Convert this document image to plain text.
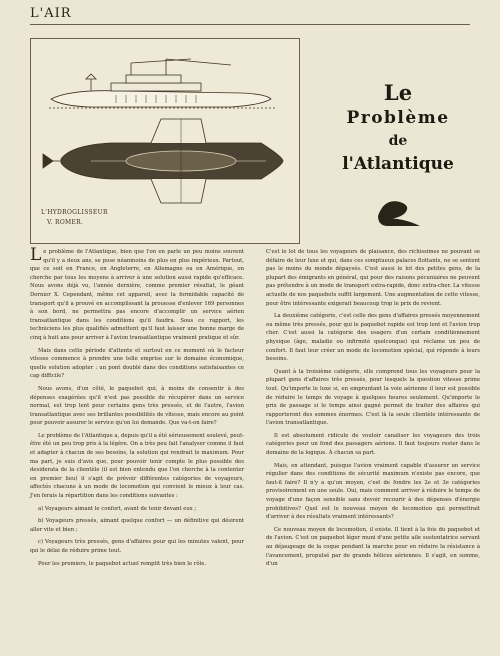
L'AIR
L'HYDROGLISSEUR
V. ROMER.
Le
Problème
de
l'Atlantique

Le problème de l'Atlantique, bien que l'on en parle un peu moins souvent qu'il y a deux ans, se pose néanmoins de plus en plus impérieux. Partout, que ce soit en France, en Angleterre, en Allemagne ou en Amérique, on cherche par tous les moyens à arriver à une solution aussi rapide qu'efficace. Nous avons déjà vu, l'année dernière, comme premier résultat, le géant Dornier X. Cependant, même cet appareil, avec la formidable capacité de transport qu'il a prouvé en accomplissant la prouesse d'enlever 169 personnes à son bord, ne permettra pas encore d'accomplir un service aérien transatlantique dans les conditions qu'il faudra. Sous ce rapport, les techniciens les plus qualifiés admettent qu'il faut laisser une bonne marge de cinq à huit ans pour arriver à l'avion transatlantique vraiment pratique et sûr.

Mais dans cette période d'attente et surtout en ce moment où le facteur vitesse commence à prendre une telle emprise sur le domaine économique, quelle solution adopter : un pont doublé dans des conditions satisfaisantes ce cap difficile?

Nous avons, d'un côté, le paquebot qui, à moins de consentir à des dépenses exagérées qu'il n'est pas possible de récupérer dans un service normal, est trop lent pour certains gens très pressés, et de l'autre, l'avion transatlantique avec ses brillantes possibilités de vitesse, mais encore au point pour pouvoir assurer le service qu'on lui demande. Que va-t-on faire?

Le problème de l'Atlantique a, depuis qu'il a été sérieusement soulevé, peut-être été un peu trop pris à la légère. On a très peu fait l'analyser comme il faut et adapter à chacun de ses besoins, la solution qui rendrait le maximum. Pour ma part, je suis d'avis que, pour pouvoir tenir compte le plus possible des desiderata de la clientèle (il est bien entendu que l'on cherche à la contenter en premier lieu) il s'agit de prévoir différentes catégories de voyageurs, affectés chacune à un mode de locomotion qui convient le mieux à leur cas. J'en ferais la répartition dans les conditions suivantes :

a) Voyageurs aimant le confort, avant de tenir devant eux ;

b) Voyageurs pressés, aimant quelque confort — un définitive qui désirent aller vite et bien ;

c) Voyageurs très pressés, gens d'affaires pour qui les minutes valent, pour qui le délai de réduire prime tout.

Pour les premiers, le paquebot actuel remplit très bien le rôle.

C'est le lot de tous les voyageurs de plaisance, des richissimes ne pouvant se défaire de leur luxe et qui, dans ces somptueux palaces flottants, ne se sentent pas le moins du monde dépaysés. C'est aussi le lot des petites gens, de la plupart des émigrants en général, qui pour des raisons pécuniaires ne peuvent pas prétendre à un mode de transport extra-rapide, donc extra-cher. La vitesse actuelle de nos paquebots suffit largement. Une augmentation de cette vitesse, pour être intéressante exigerait beaucoup trop le prix de revient.

La deuxième catégorie, c'est celle des gens d'affaires pressés moyennement ou même très pressés, pour qui le paquebot rapide est trop lent et l'avion trop cher. C'est aussi la catégorie des usagers d'un certain conditionnement physique (âge, maladie ou infirmité quelconque) qui réclame un peu de confort. Il faut leur créer un mode de locomotion spécial, qui réponde à leurs besoins.

Quant à la troisième catégorie, elle comprend tous les voyageurs pour la plupart gens d'affaires très pressés, pour lesquels la question vitesse prime tout. Qu'importe le luxe si, en empruntant la voie aérienne il leur est possible de réduire le temps de voyage à quelques heures seulement. Qu'importe le prix de passage si le temps ainsi gagné permet de traiter des affaires qui rapporteront des sommes énormes. C'est là la seule clientèle intéressante de l'avion transatlantique.

Il est absolument ridicule de vouloir canaliser les voyageurs des trois catégories pour un fond des passagers aériens. Il faut toujours rester dans le domaine de la logique. À chacun sa part.

Mais, en attendant, puisque l'avion vraiment capable d'assurer un service régulier dans des conditions de sécurité maximum n'existe pas encore, que faut-il faire? Il n'y a qu'un moyen, c'est de fondre les 2e et 3e catégories provisoirement en une seule. Oui, mais comment arriver à réduire le temps de voyage d'une façon sensible sans devoir recourir à des dépenses d'énergie prohibitives? Quel est le nouveau moyen de locomotion qui permettrait d'arriver à des résultats vraiment intéressants?

Ce nouveau moyen de locomotion, il existe. Il tient à la fois du paquebot et de l'avion. C'est un paquebot léger muni d'une petite aile sustentatrice servant au déjaugeage de la coque pendant la marche pour en réduire la résistance à l'avancement, propulsé par de grands hélices aériennes. Il s'agit, en somme, d'un
